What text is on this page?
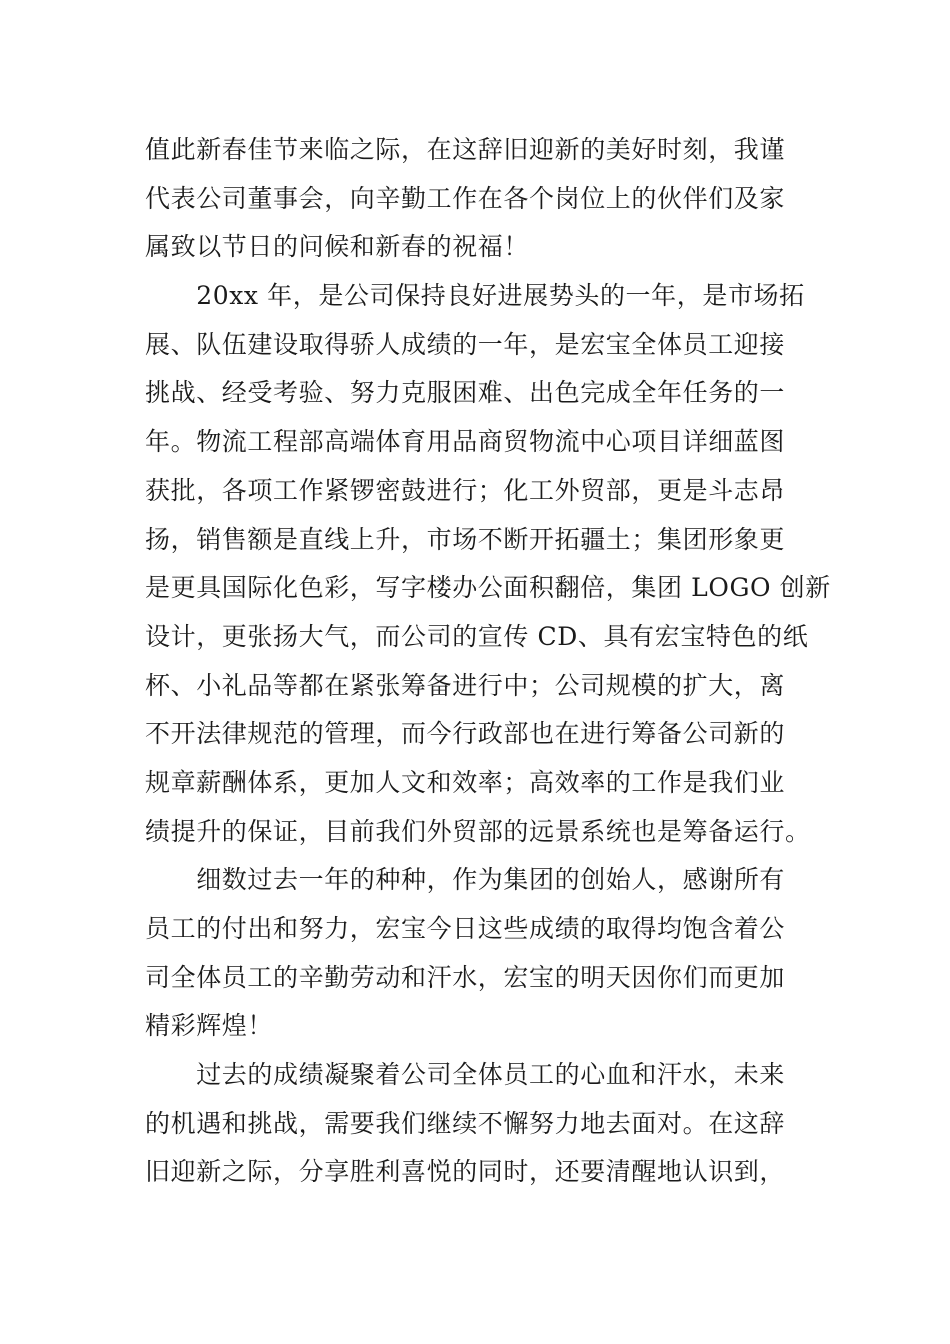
值此新春佳节来临之际，在这辞旧迎新的美好时刻，我谨
代表公司董事会，向辛勤工作在各个岗位上的伙伴们及家
属致以节日的问候和新春的祝福！
　　20xx 年，是公司保持良好进展势头的一年，是市场拓
展、队伍建设取得骄人成绩的一年，是宏宝全体员工迎接
挑战、经受考验、努力克服困难、出色完成全年任务的一
年。物流工程部高端体育用品商贸物流中心项目详细蓝图
获批，各项工作紧锣密鼓进行；化工外贸部，更是斗志昂
扬，销售额是直线上升，市场不断开拓疆土；集团形象更
是更具国际化色彩，写字楼办公面积翻倍，集团 LOGO 创新
设计，更张扬大气，而公司的宣传 CD、具有宏宝特色的纸
杯、小礼品等都在紧张筹备进行中；公司规模的扩大，离
不开法律规范的管理，而今行政部也在进行筹备公司新的
规章薪酬体系，更加人文和效率；高效率的工作是我们业
绩提升的保证，目前我们外贸部的远景系统也是筹备运行。
　　细数过去一年的种种，作为集团的创始人，感谢所有
员工的付出和努力，宏宝今日这些成绩的取得均饱含着公
司全体员工的辛勤劳动和汗水，宏宝的明天因你们而更加
精彩辉煌！
　　过去的成绩凝聚着公司全体员工的心血和汗水，未来
的机遇和挑战，需要我们继续不懈努力地去面对。在这辞
旧迎新之际，分享胜利喜悦的同时，还要清醒地认识到，
